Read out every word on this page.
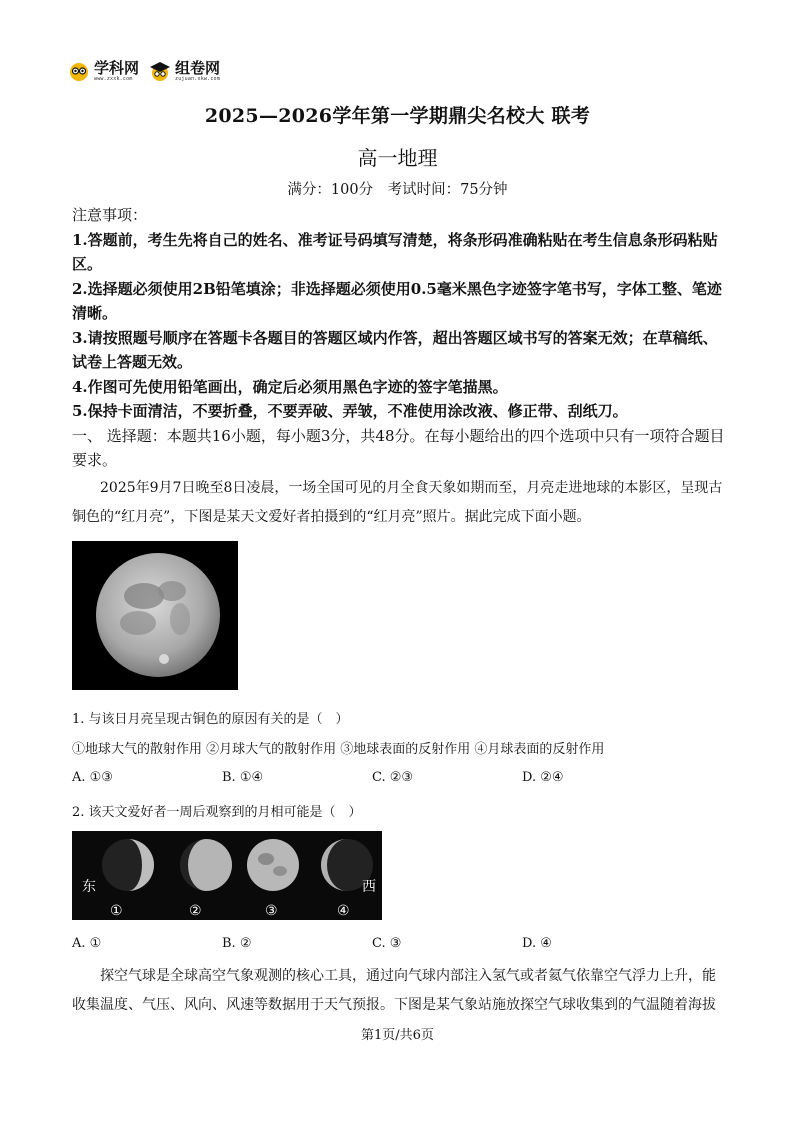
学科网
www.zxxk.com
组卷网
zujuan.xkw.com
2025—2026学年第一学期鼎尖名校大 联考
高一地理
满分：100分　考试时间：75分钟

注意事项：

1.答题前，考生先将自己的姓名、准考证号码填写清楚，将条形码准确粘贴在考生信息条形码粘贴区。

2.选择题必须使用2B铅笔填涂；非选择题必须使用0.5毫米黑色字迹签字笔书写，字体工整、笔迹清晰。

3.请按照题号顺序在答题卡各题目的答题区域内作答，超出答题区域书写的答案无效；在草稿纸、试卷上答题无效。

4.作图可先使用铅笔画出，确定后必须用黑色字迹的签字笔描黑。

5.保持卡面清洁，不要折叠，不要弄破、弄皱，不准使用涂改液、修正带、刮纸刀。

一、 选择题：本题共16小题，每小题3分，共48分。在每小题给出的四个选项中只有一项符合题目要求。

2025年9月7日晚至8日凌晨，一场全国可见的月全食天象如期而至，月亮走进地球的本影区，呈现古铜色的“红月亮”，下图是某天文爱好者拍摄到的“红月亮”照片。据此完成下面小题。

1. 与该日月亮呈现古铜色的原因有关的是（　）
①地球大气的散射作用 ②月球大气的散射作用 ③地球表面的反射作用 ④月球表面的反射作用
A. ①③	B. ①④	C. ②③	D. ②④
2. 该天文爱好者一周后观察到的月相可能是（　）
东	西
①	②	③	④
A. ①	B. ②	C. ③	D. ④

探空气球是全球高空气象观测的核心工具，通过向气球内部注入氢气或者氦气依靠空气浮力上升，能收集温度、气压、风向、风速等数据用于天气预报。下图是某气象站施放探空气球收集到的气温随着海拔

第1页/共6页
